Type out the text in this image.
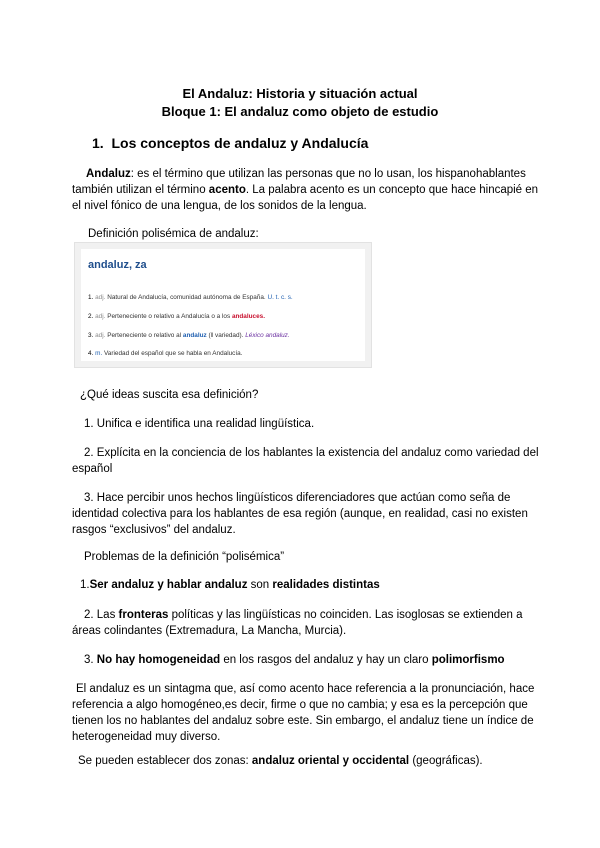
El Andaluz: Historia y situación actual
Bloque 1: El andaluz como objeto de estudio
1. Los conceptos de andaluz y Andalucía
Andaluz: es el término que utilizan las personas que no lo usan, los hispanohablantes
también utilizan el término acento. La palabra acento es un concepto que hace hincapié en
el nivel fónico de una lengua, de los sonidos de la lengua.
Definición polisémica de andaluz:
andaluz, za
1. adj. Natural de Andalucía, comunidad autónoma de España. U. t. c. s.
2. adj. Perteneciente o relativo a Andalucía o a los andaluces.
3. adj. Perteneciente o relativo al andaluz (‖ variedad). Léxico andaluz.
4. m. Variedad del español que se habla en Andalucía.
¿Qué ideas suscita esa definición?
1. Unifica e identifica una realidad lingüística.
2. Explícita en la conciencia de los hablantes la existencia del andaluz como variedad del
español
3. Hace percibir unos hechos lingüísticos diferenciadores que actúan como seña de
identidad colectiva para los hablantes de esa región (aunque, en realidad, casi no existen
rasgos “exclusivos” del andaluz.
Problemas de la definición “polisémica”
1.Ser andaluz y hablar andaluz son realidades distintas
2. Las fronteras políticas y las lingüísticas no coinciden. Las isoglosas se extienden a
áreas colindantes (Extremadura, La Mancha, Murcia).
3. No hay homogeneidad en los rasgos del andaluz y hay un claro polimorfismo
El andaluz es un sintagma que, así como acento hace referencia a la pronunciación, hace
referencia a algo homogéneo,es decir, firme o que no cambia; y esa es la percepción que
tienen los no hablantes del andaluz sobre este. Sin embargo, el andaluz tiene un índice de
heterogeneidad muy diverso.
Se pueden establecer dos zonas: andaluz oriental y occidental (geográficas).
